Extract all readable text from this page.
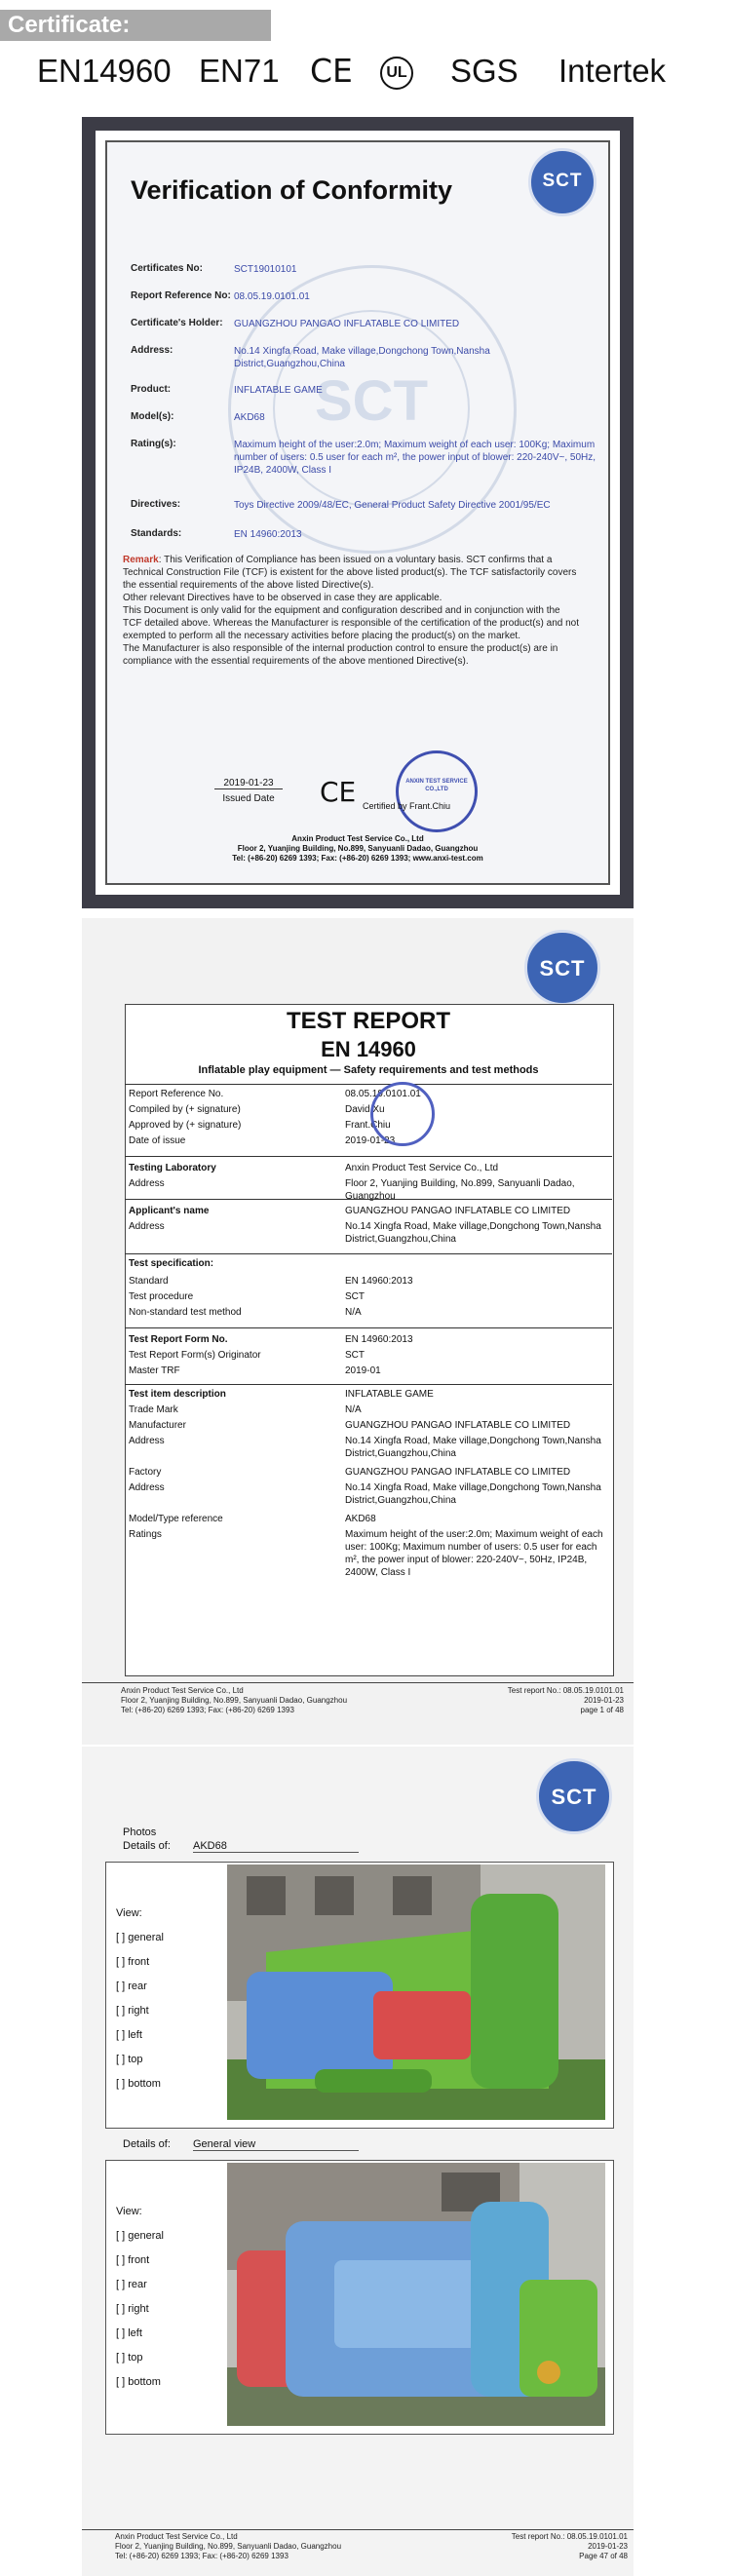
Certificate:
EN14960 EN71 CE	UL SGS Intertek
SCT
SCT
Verification of Conformity
Certificates No:	SCT19010101
Report Reference No: 08.05.19.0101.01
Certificate's Holder: GUANGZHOU PANGAO INFLATABLE CO LIMITED
Address:	No.14 Xingfa Road, Make village,Dongchong Town,Nansha District,Guangzhou,China
Product:	INFLATABLE GAME
Model(s):	AKD68
Rating(s):	Maximum height of the user:2.0m; Maximum weight of each user: 100Kg; Maximum number of users: 0.5 user for each m², the power input of blower: 220-240V~, 50Hz, IP24B, 2400W, Class I
Directives:	Toys Directive 2009/48/EC, General Product Safety Directive 2001/95/EC
Standards:	EN 14960:2013
Remark: This Verification of Compliance has been issued on a voluntary basis. SCT confirms that a
Technical Construction File (TCF) is existent for the above listed product(s). The TCF satisfactorily covers
the essential requirements of the above listed Directive(s).
Other relevant Directives have to be observed in case they are applicable.
This Document is only valid for the equipment and configuration described and in conjunction with the
TCF detailed above. Whereas the Manufacturer is responsible of the certification of the product(s) and not
exempted to perform all the necessary activities before placing the product(s) on the market.
The Manufacturer is also responsible of the internal production control to ensure the product(s) are in
compliance with the essential requirements of the above mentioned Directive(s).
2019-01-23
Issued Date CE	ANXIN TEST SERVICE CO.,LTD
Certified by Frant.Chiu
Anxin Product Test Service Co., Ltd
Floor 2, Yuanjing Building, No.899, Sanyuanli Dadao, Guangzhou
Tel: (+86-20) 6269 1393; Fax: (+86-20) 6269 1393; www.anxi-test.com
SCT
TEST REPORT
EN 14960
Inflatable play equipment — Safety requirements and test methods
Report Reference No.	08.05.19.0101.01
Compiled by (+ signature)	David Xu
Approved by (+ signature)	Frant.Chiu
Date of issue	2019-01-23
Testing Laboratory	Anxin Product Test Service Co., Ltd
Address	Floor 2, Yuanjing Building, No.899, Sanyuanli Dadao, Guangzhou
Applicant's name	GUANGZHOU PANGAO INFLATABLE CO LIMITED
Address	No.14 Xingfa Road, Make village,Dongchong Town,Nansha District,Guangzhou,China
Test specification:
Standard	EN 14960:2013
Test procedure	SCT
Non-standard test method	N/A
Test Report Form No.	EN 14960:2013
Test Report Form(s) Originator	SCT
Master TRF	2019-01
Test item description	INFLATABLE GAME
Trade Mark	N/A
Manufacturer	GUANGZHOU PANGAO INFLATABLE CO LIMITED
Address	No.14 Xingfa Road, Make village,Dongchong Town,Nansha District,Guangzhou,China
Factory	GUANGZHOU PANGAO INFLATABLE CO LIMITED
Address	No.14 Xingfa Road, Make village,Dongchong Town,Nansha District,Guangzhou,China
Model/Type reference	AKD68
Ratings	Maximum height of the user:2.0m; Maximum weight of each user: 100Kg; Maximum number of users: 0.5 user for each m², the power input of blower: 220-240V~, 50Hz, IP24B, 2400W, Class I
Anxin Product Test Service Co., Ltd
Floor 2, Yuanjing Building, No.899, Sanyuanli Dadao, Guangzhou
Tel: (+86-20) 6269 1393; Fax: (+86-20) 6269 1393
Test report No.: 08.05.19.0101.01
2019-01-23
page 1 of 48
SCT
Photos
Details of: AKD68
View:
[ ] general
[ ] front
[ ] rear
[ ] right
[ ] left
[ ] top
[ ] bottom
Details of: General view
View:
[ ] general
[ ] front
[ ] rear
[ ] right
[ ] left
[ ] top
[ ] bottom
Anxin Product Test Service Co., Ltd
Floor 2, Yuanjing Building, No.899, Sanyuanli Dadao, Guangzhou
Tel: (+86-20) 6269 1393; Fax: (+86-20) 6269 1393
Test report No.: 08.05.19.0101.01
2019-01-23
Page 47 of 48
